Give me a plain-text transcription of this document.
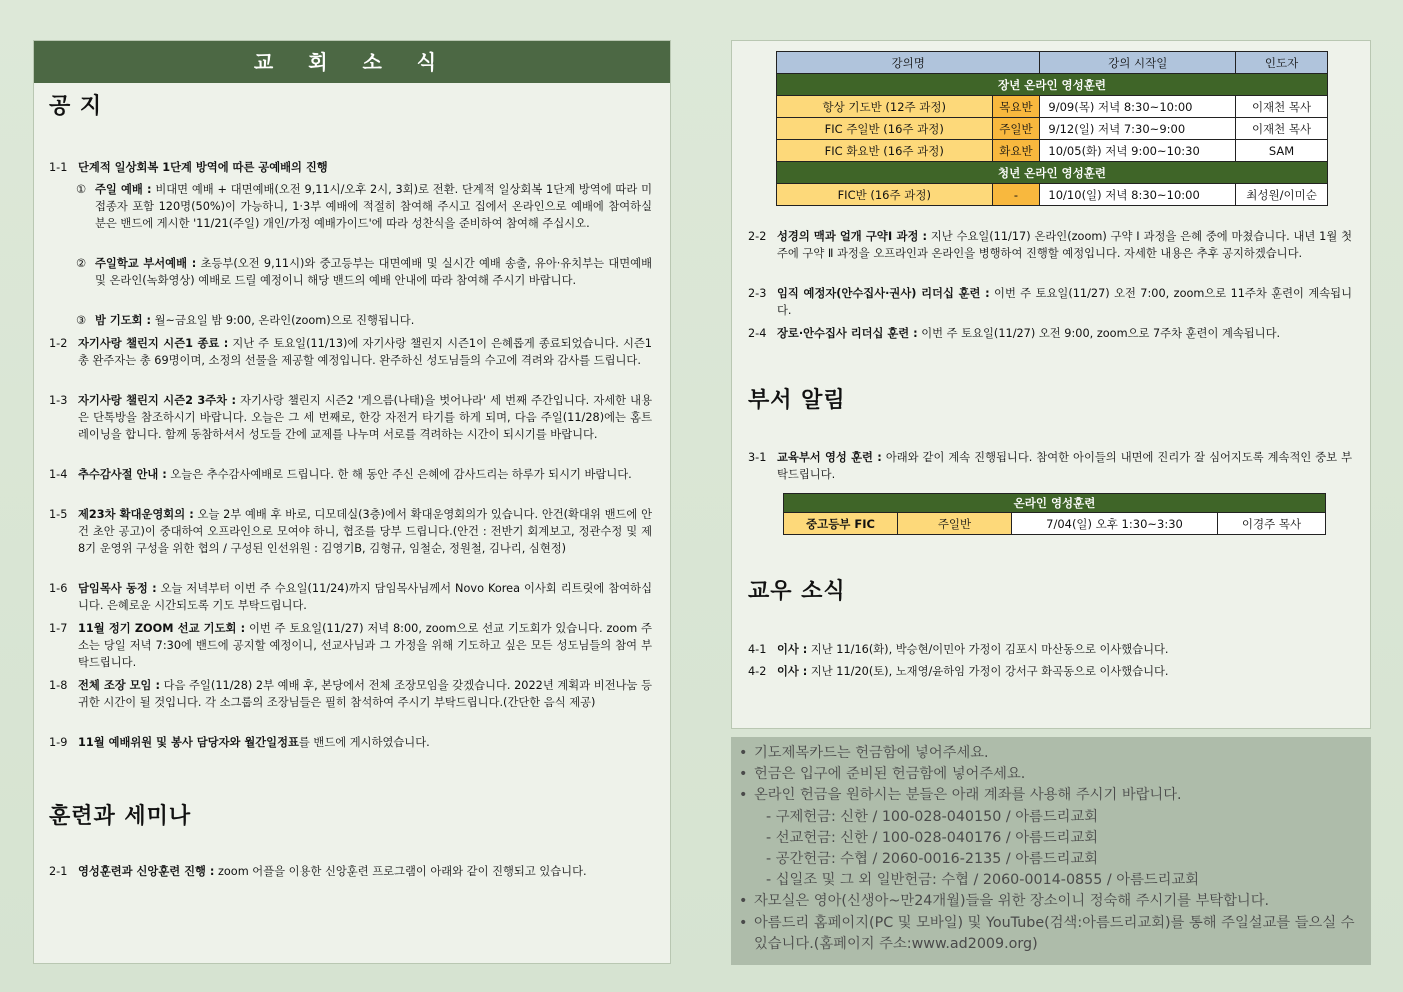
교 회 소 식
공 지
1-1 단계적 일상회복 1단계 방역에 따른 공예배의 진행
① 주일 예배 : 비대면 예배 + 대면예배(오전 9,11시/오후 2시, 3회)로 전환. 단계적 일상회복 1단계 방역에 따라 미접종자 포함 120명(50%)이 가능하니, 1·3부 예배에 적절히 참여해 주시고 집에서 온라인으로 예배에 참여하실 분은 밴드에 게시한 '11/21(주일) 개인/가정 예배가이드'에 따라 성찬식을 준비하여 참여해 주십시오.
② 주일학교 부서예배 : 초등부(오전 9,11시)와 중고등부는 대면예배 및 실시간 예배 송출, 유아·유치부는 대면예배 및 온라인(녹화영상) 예배로 드릴 예정이니 해당 밴드의 예배 안내에 따라 참여해 주시기 바랍니다.
③ 밤 기도회 : 월~금요일 밤 9:00, 온라인(zoom)으로 진행됩니다.
1-2 자기사랑 챌린지 시즌1 종료 : 지난 주 토요일(11/13)에 자기사랑 챌린지 시즌1이 은혜롭게 종료되었습니다. 시즌1 총 완주자는 총 69명이며, 소정의 선물을 제공할 예정입니다. 완주하신 성도님들의 수고에 격려와 감사를 드립니다.
1-3 자기사랑 챌린지 시즌2 3주차 : 자기사랑 챌린지 시즌2 '게으름(나태)을 벗어나라' 세 번째 주간입니다. 자세한 내용은 단톡방을 참조하시기 바랍니다. 오늘은 그 세 번째로, 한강 자전거 타기를 하게 되며, 다음 주일(11/28)에는 홈트레이닝을 합니다. 함께 동참하셔서 성도들 간에 교제를 나누며 서로를 격려하는 시간이 되시기를 바랍니다.
1-4 추수감사절 안내 : 오늘은 추수감사예배로 드립니다. 한 해 동안 주신 은혜에 감사드리는 하루가 되시기 바랍니다.
1-5 제23차 확대운영회의 : 오늘 2부 예배 후 바로, 디모데실(3층)에서 확대운영회의가 있습니다. 안건(확대위 밴드에 안건 초안 공고)이 중대하여 오프라인으로 모여야 하니, 협조를 당부 드립니다.(안건 : 전반기 회계보고, 정관수정 및 제8기 운영위 구성을 위한 협의 / 구성된 인선위원 : 김영기B, 김형규, 임철순, 정원철, 김나리, 심현정)
1-6 담임목사 동정 : 오늘 저녁부터 이번 주 수요일(11/24)까지 담임목사님께서 Novo Korea 이사회 리트릿에 참여하십니다. 은혜로운 시간되도록 기도 부탁드립니다.
1-7 11월 정기 ZOOM 선교 기도회 : 이번 주 토요일(11/27) 저녁 8:00, zoom으로 선교 기도회가 있습니다. zoom 주소는 당일 저녁 7:30에 밴드에 공지할 예정이니, 선교사님과 그 가정을 위해 기도하고 싶은 모든 성도님들의 참여 부탁드립니다.
1-8 전체 조장 모임 : 다음 주일(11/28) 2부 예배 후, 본당에서 전체 조장모임을 갖겠습니다. 2022년 계획과 비전나눔 등 귀한 시간이 될 것입니다. 각 소그룹의 조장님들은 필히 참석하여 주시기 부탁드립니다.(간단한 음식 제공)
1-9 11월 예배위원 및 봉사 담당자와 월간일정표를 밴드에 게시하였습니다.
훈련과 세미나
2-1 영성훈련과 신앙훈련 진행 : zoom 어플을 이용한 신앙훈련 프로그램이 아래와 같이 진행되고 있습니다.
강의명		강의 시작일	인도자
장년 온라인 영성훈련			
항상 기도반 (12주 과정)	목요반	9/09(목) 저녁 8:30~10:00	이재천 목사
FIC 주일반 (16주 과정)	주일반	9/12(일) 저녁 7:30~9:00	이재천 목사
FIC 화요반 (16주 과정)	화요반	10/05(화) 저녁 9:00~10:30	SAM
청년 온라인 영성훈련			
FIC반 (16주 과정)	-	10/10(일) 저녁 8:30~10:00	최성원/이미순
2-2 성경의 맥과 얼개 구약Ⅰ 과정 : 지난 수요일(11/17) 온라인(zoom) 구약 Ⅰ 과정을 은혜 중에 마쳤습니다. 내년 1월 첫 주에 구약 Ⅱ 과정을 오프라인과 온라인을 병행하여 진행할 예정입니다. 자세한 내용은 추후 공지하겠습니다.
2-3 임직 예정자(안수집사·권사) 리더십 훈련 : 이번 주 토요일(11/27) 오전 7:00, zoom으로 11주차 훈련이 계속됩니다.
2-4 장로·안수집사 리더십 훈련 : 이번 주 토요일(11/27) 오전 9:00, zoom으로 7주차 훈련이 계속됩니다.
부서 알림
3-1 교육부서 영성 훈련 : 아래와 같이 계속 진행됩니다. 참여한 아이들의 내면에 진리가 잘 심어지도록 계속적인 중보 부탁드립니다.
온라인 영성훈련
중고등부 FIC	주일반	7/04(일) 오후 1:30~3:30	이경주 목사
교우 소식
4-1 이사 : 지난 11/16(화), 박승현/이민아 가정이 김포시 마산동으로 이사했습니다.
4-2 이사 : 지난 11/20(토), 노재영/윤하임 가정이 강서구 화곡동으로 이사했습니다.
• 기도제목카드는 헌금함에 넣어주세요.
• 헌금은 입구에 준비된 헌금함에 넣어주세요.
• 온라인 헌금을 원하시는 분들은 아래 계좌를 사용해 주시기 바랍니다.
- 구제헌금: 신한 / 100-028-040150 / 아름드리교회
- 선교헌금: 신한 / 100-028-040176 / 아름드리교회
- 공간헌금: 수협 / 2060-0016-2135 / 아름드리교회
- 십일조 및 그 외 일반헌금: 수협 / 2060-0014-0855 / 아름드리교회
• 자모실은 영아(신생아~만24개월)들을 위한 장소이니 정숙해 주시기를 부탁합니다.
• 아름드리 홈페이지(PC 및 모바일) 및 YouTube(검색:아름드리교회)를 통해 주일설교를 들으실 수 있습니다.(홈페이지 주소:www.ad2009.org)
